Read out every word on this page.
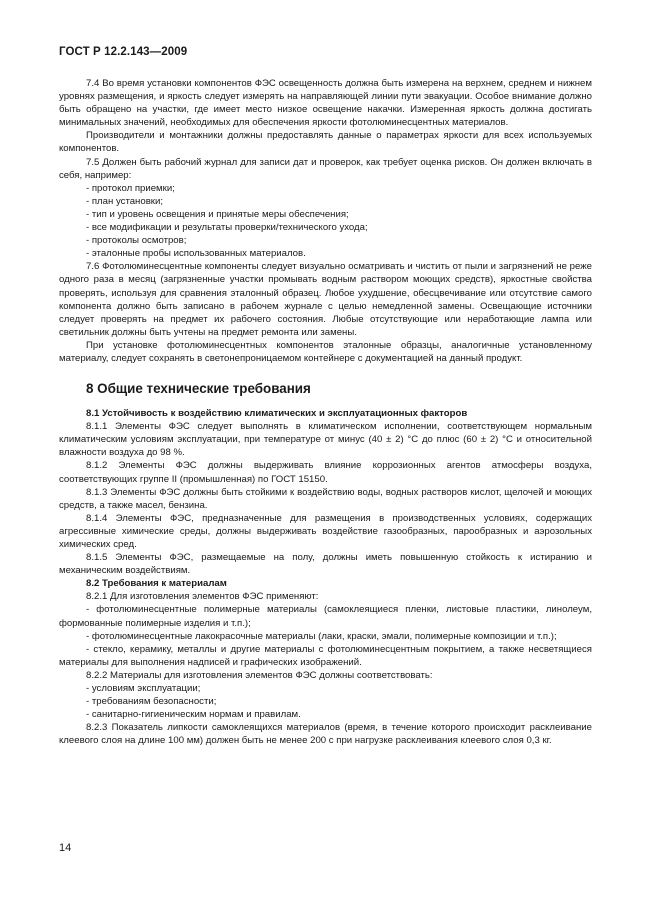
ГОСТ Р 12.2.143—2009
7.4 Во время установки компонентов ФЭС освещенность должна быть измерена на верхнем, среднем и нижнем уровнях размещения, и яркость следует измерять на направляющей линии пути эвакуации. Особое внимание должно быть обращено на участки, где имеет место низкое освещение накачки. Измеренная яркость должна достигать минимальных значений, необходимых для обеспечения яркости фотолюминесцентных материалов.
Производители и монтажники должны предоставлять данные о параметрах яркости для всех используемых компонентов.
7.5 Должен быть рабочий журнал для записи дат и проверок, как требует оценка рисков. Он должен включать в себя, например:
- протокол приемки;
- план установки;
- тип и уровень освещения и принятые меры обеспечения;
- все модификации и результаты проверки/технического ухода;
- протоколы осмотров;
- эталонные пробы использованных материалов.
7.6 Фотолюминесцентные компоненты следует визуально осматривать и чистить от пыли и загрязнений не реже одного раза в месяц (загрязненные участки промывать водным раствором моющих средств), яркостные свойства проверять, используя для сравнения эталонный образец. Любое ухудшение, обесцвечивание или отсутствие самого компонента должно быть записано в рабочем журнале с целью немедленной замены. Освещающие источники следует проверять на предмет их рабочего состояния. Любые отсутствующие или неработающие лампа или светильник должны быть учтены на предмет ремонта или замены.
При установке фотолюминесцентных компонентов эталонные образцы, аналогичные установленному материалу, следует сохранять в светонепроницаемом контейнере с документацией на данный продукт.
8 Общие технические требования
8.1 Устойчивость к воздействию климатических и эксплуатационных факторов
8.1.1 Элементы ФЭС следует выполнять в климатическом исполнении, соответствующем нормальным климатическим условиям эксплуатации, при температуре от минус (40 ± 2) °С до плюс (60 ± 2) °С и относительной влажности воздуха до 98 %.
8.1.2 Элементы ФЭС должны выдерживать влияние коррозионных агентов атмосферы воздуха, соответствующих группе II (промышленная) по ГОСТ 15150.
8.1.3 Элементы ФЭС должны быть стойкими к воздействию воды, водных растворов кислот, щелочей и моющих средств, а также масел, бензина.
8.1.4 Элементы ФЭС, предназначенные для размещения в производственных условиях, содержащих агрессивные химические среды, должны выдерживать воздействие газообразных, парообразных и аэрозольных химических сред.
8.1.5 Элементы ФЭС, размещаемые на полу, должны иметь повышенную стойкость к истиранию и механическим воздействиям.
8.2 Требования к материалам
8.2.1 Для изготовления элементов ФЭС применяют:
- фотолюминесцентные полимерные материалы (самоклеящиеся пленки, листовые пластики, линолеум, формованные полимерные изделия и т.п.);
- фотолюминесцентные лакокрасочные материалы (лаки, краски, эмали, полимерные композиции и т.п.);
- стекло, керамику, металлы и другие материалы с фотолюминесцентным покрытием, а также несветящиеся материалы для выполнения надписей и графических изображений.
8.2.2 Материалы для изготовления элементов ФЭС должны соответствовать:
- условиям эксплуатации;
- требованиям безопасности;
- санитарно-гигиеническим нормам и правилам.
8.2.3 Показатель липкости самоклеящихся материалов (время, в течение которого происходит расклеивание клеевого слоя на длине 100 мм) должен быть не менее 200 с при нагрузке расклеивания клеевого слоя 0,3 кг.
14
